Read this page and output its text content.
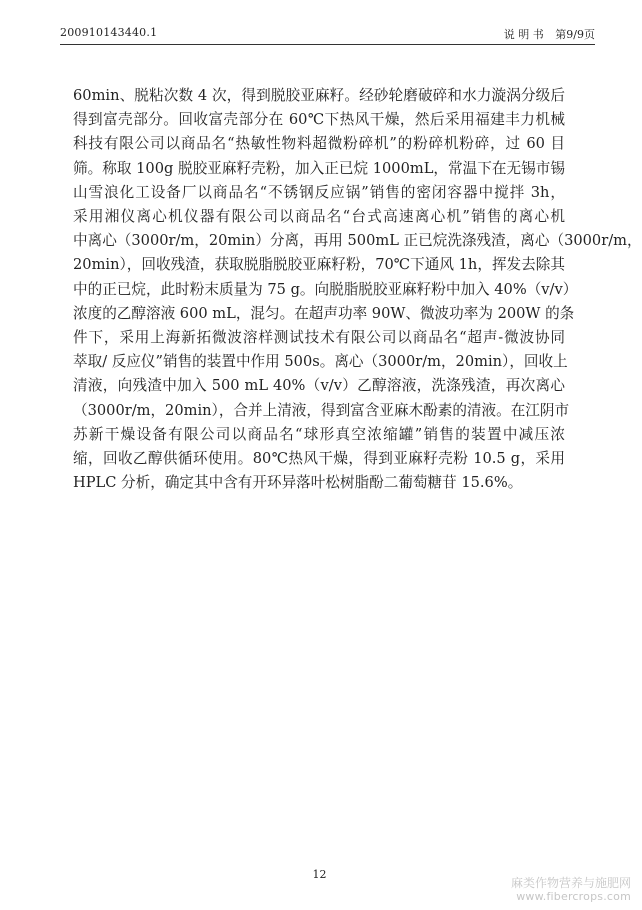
200910143440.1	说 明 书 第9/9页

60min、脱粘次数 4 次，得到脱胶亚麻籽。经砂轮磨破碎和水力漩涡分级后
得到富壳部分。回收富壳部分在 60℃下热风干燥，然后采用福建丰力机械
科技有限公司以商品名“热敏性物料超微粉碎机”的粉碎机粉碎，过 60 目
筛。称取 100g 脱胶亚麻籽壳粉，加入正已烷 1000mL，常温下在无锡市锡
山雪浪化工设备厂以商品名“不锈钢反应锅”销售的密闭容器中搅拌 3h，
采用湘仪离心机仪器有限公司以商品名“台式高速离心机”销售的离心机
中离心（3000r/m，20min）分离，再用 500mL 正已烷洗涤残渣，离心（3000r/m，
20min），回收残渣，获取脱脂脱胶亚麻籽粉，70℃下通风 1h，挥发去除其
中的正已烷，此时粉末质量为 75 g。向脱脂脱胶亚麻籽粉中加入 40%（v/v）
浓度的乙醇溶液 600 mL，混匀。在超声功率 90W、微波功率为 200W 的条
件下，采用上海新拓微波溶样测试技术有限公司以商品名“超声-微波协同
萃取/ 反应仪”销售的装置中作用 500s。离心（3000r/m，20min），回收上
清液，向残渣中加入 500 mL 40%（v/v）乙醇溶液，洗涤残渣，再次离心
（3000r/m，20min），合并上清液，得到富含亚麻木酚素的清液。在江阴市
苏新干燥设备有限公司以商品名“球形真空浓缩罐”销售的装置中减压浓
缩，回收乙醇供循环使用。80℃热风干燥，得到亚麻籽壳粉 10.5 g，采用
HPLC 分析，确定其中含有开环异落叶松树脂酚二葡萄糖苷 15.6%。

12
麻类作物营养与施肥网
www.fibercrops.com
